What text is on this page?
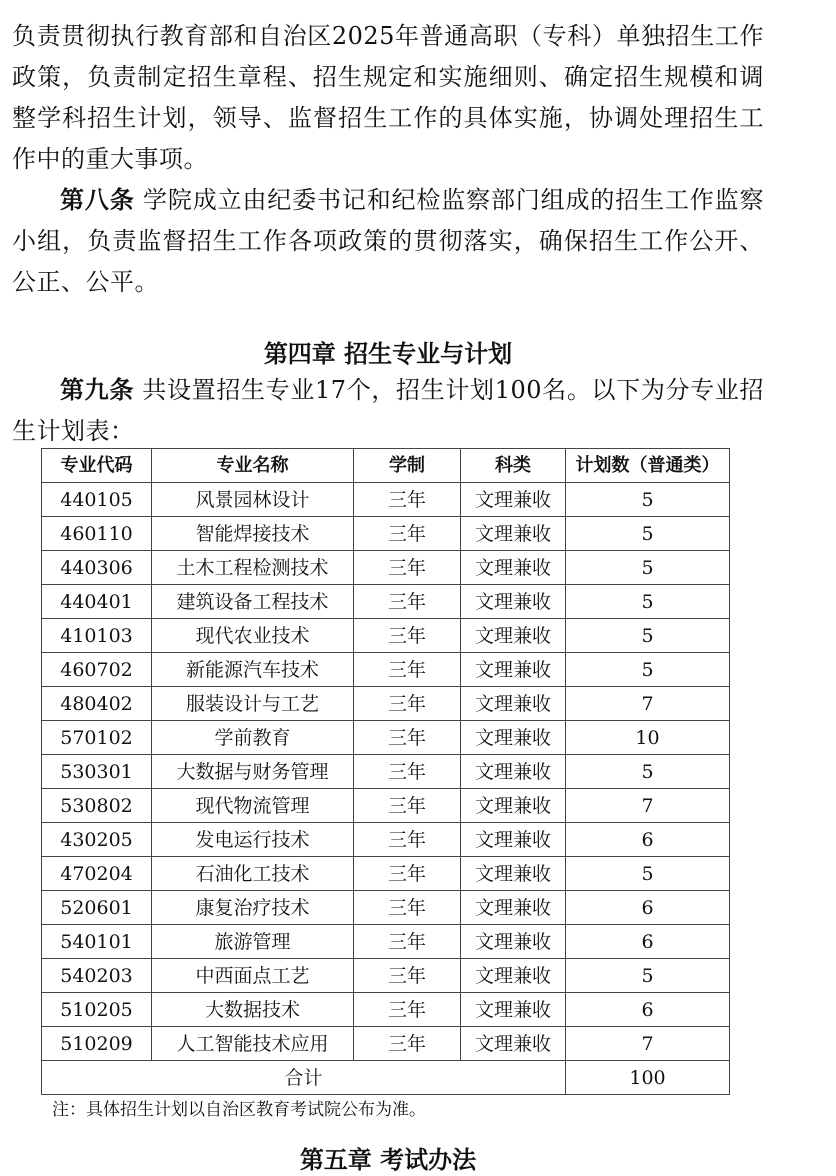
负责贯彻执行教育部和自治区2025年普通高职（专科）单独招生工作政策，负责制定招生章程、招生规定和实施细则、确定招生规模和调整学科招生计划，领导、监督招生工作的具体实施，协调处理招生工作中的重大事项。

第八条 学院成立由纪委书记和纪检监察部门组成的招生工作监察小组，负责监督招生工作各项政策的贯彻落实，确保招生工作公开、公正、公平。

第四章 招生专业与计划

第九条 共设置招生专业17个，招生计划100名。以下为分专业招生计划表：

专业代码	专业名称	学制	科类	计划数（普通类）
440105	风景园林设计	三年	文理兼收	5
460110	智能焊接技术	三年	文理兼收	5
440306	土木工程检测技术	三年	文理兼收	5
440401	建筑设备工程技术	三年	文理兼收	5
410103	现代农业技术	三年	文理兼收	5
460702	新能源汽车技术	三年	文理兼收	5
480402	服装设计与工艺	三年	文理兼收	7
570102	学前教育	三年	文理兼收	10
530301	大数据与财务管理	三年	文理兼收	5
530802	现代物流管理	三年	文理兼收	7
430205	发电运行技术	三年	文理兼收	6
470204	石油化工技术	三年	文理兼收	5
520601	康复治疗技术	三年	文理兼收	6
540101	旅游管理	三年	文理兼收	6
540203	中西面点工艺	三年	文理兼收	5
510205	大数据技术	三年	文理兼收	6
510209	人工智能技术应用	三年	文理兼收	7
合计				100

注：具体招生计划以自治区教育考试院公布为准。

第五章 考试办法
